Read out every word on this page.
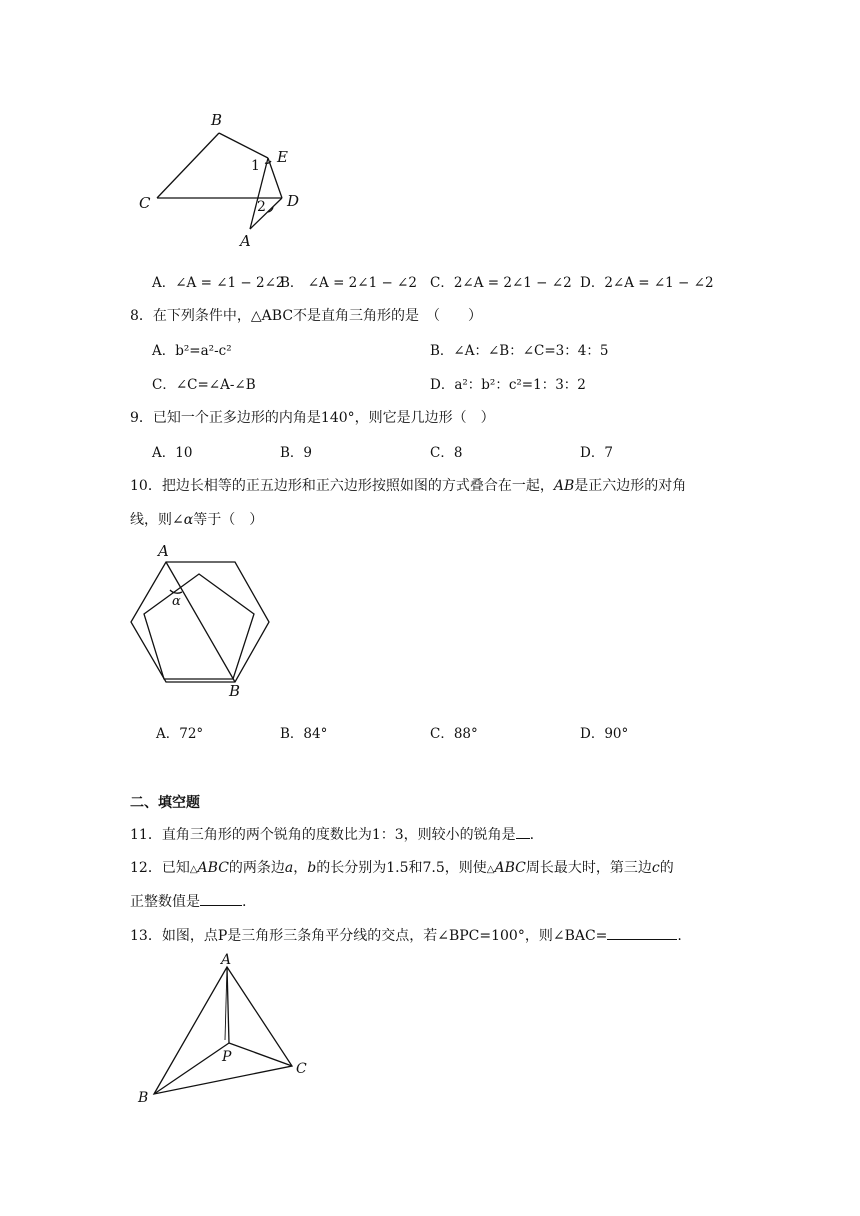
B
E
C	D
A
1
2
A．∠A = ∠1 − 2∠2
B． ∠A = 2∠1 − ∠2 C．2∠A = 2∠1 − ∠2 D．2∠A = ∠1 − ∠2
8．在下列条件中，△ABC不是直角三角形的是　（　　）
A．b²=a²-c²	B．∠A：∠B：∠C=3：4：5
C．∠C=∠A-∠B	D．a²：b²：c²=1：3：2
9．已知一个正多边形的内角是140°，则它是几边形（　）
A．10	B．9	C．8	D．7
10．把边长相等的正五边形和正六边形按照如图的方式叠合在一起，AB是正六边形的对角
线，则∠α等于（　）
A
B
α
A．72°	B．84°	C．88°	D．90°
二、填空题
11．直角三角形的两个锐角的度数比为1：3，则较小的锐角是 .
12．已知△ABC的两条边a，b的长分别为1.5和7.5，则使△ABC周长最大时，第三边c的
正整数值是	.
13．如图，点P是三角形三条角平分线的交点，若∠BPC=100°，则∠BAC=	.
A
P
C
B
